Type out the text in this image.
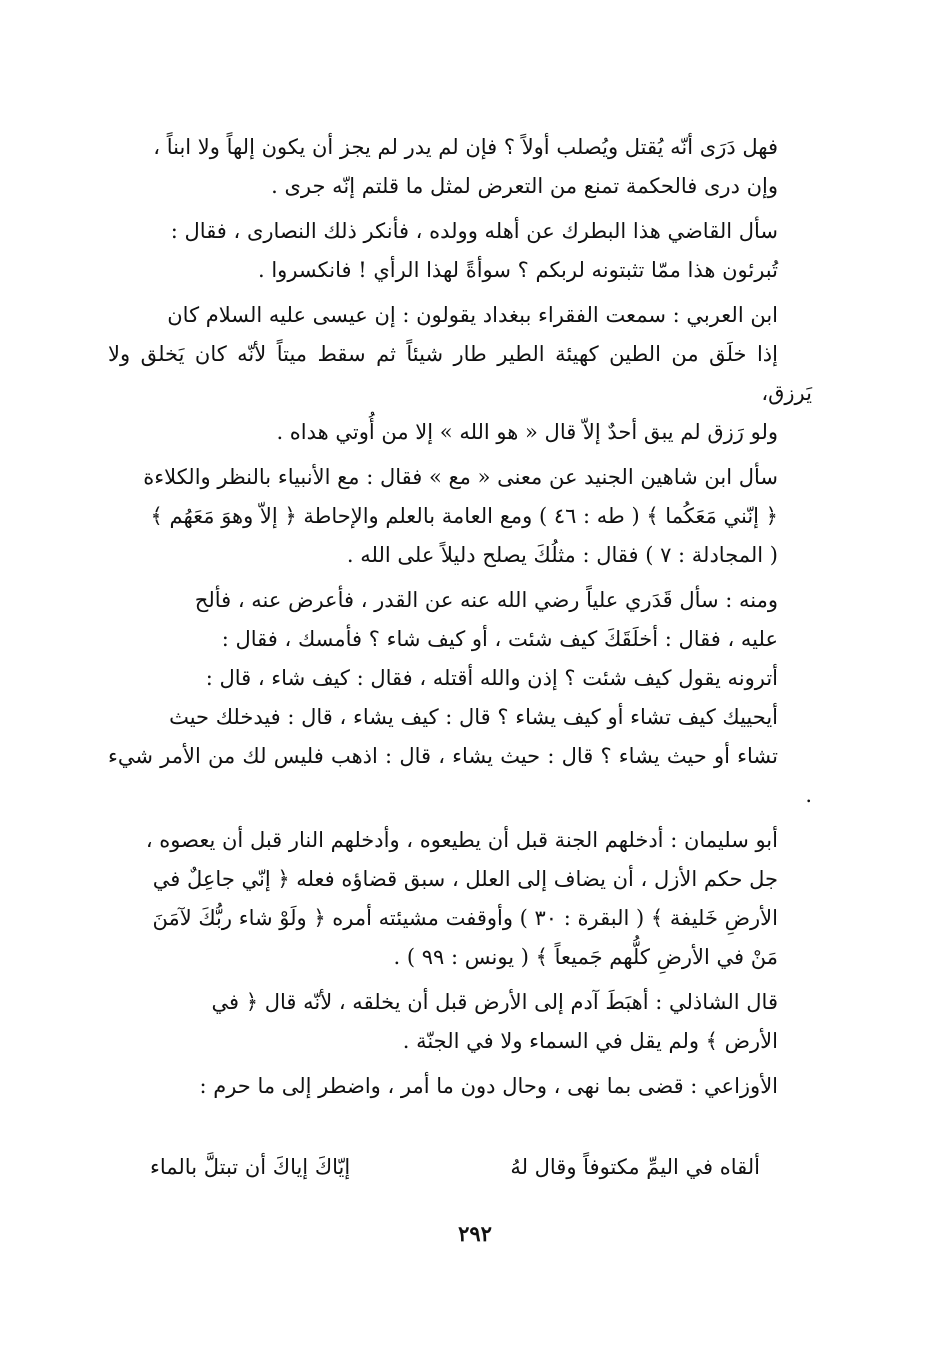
فهل دَرَى أنّه يُقتل ويُصلب أولاً ؟ فإن لم يدر لم يجز أن يكون إلهاً ولا ابناً ،
وإن درى فالحكمة تمنع من التعرض لمثل ما قلتم إنّه جرى .

سأل القاضي هذا البطرك عن أهله وولده ، فأنكر ذلك النصارى ، فقال :
تُبرئون هذا ممّا تثبتونه لربكم ؟ سوأةً لهذا الرأي ! فانكسروا .

ابن العربي : سمعت الفقراء ببغداد يقولون : إن عيسى عليه السلام كان
إذا خلَق من الطين كهيئة الطير طار شيئاً ثم سقط ميتاً لأنّه كان يَخلق ولا يَرزق،
ولو رَزق لم يبق أحدٌ إلاّ قال « هو الله » إلا من أُوتي هداه .

سأل ابن شاهين الجنيد عن معنى « مع » فقال : مع الأنبياء بالنظر والكلاءة
﴿ إنّني مَعَكُما ﴾ ( طه : ٤٦ ) ومع العامة بالعلم والإحاطة ﴿ إلاّ وهوَ مَعَهُم ﴾
( المجادلة : ٧ ) فقال : مثلُكَ يصلح دليلاً على الله .

ومنه : سأل قَدَري علياً رضي الله عنه عن القدر ، فأعرض عنه ، فألح
عليه ، فقال : أخلَقَكَ كيف شئت ، أو كيف شاء ؟ فأمسك ، فقال :
أترونه يقول كيف شئت ؟ إذن والله أقتله ، فقال : كيف شاء ، قال :
أيحييك كيف تشاء أو كيف يشاء ؟ قال : كيف يشاء ، قال : فيدخلك حيث
تشاء أو حيث يشاء ؟ قال : حيث يشاء ، قال : اذهب فليس لك من الأمر شيء .

أبو سليمان : أدخلهم الجنة قبل أن يطيعوه ، وأدخلهم النار قبل أن يعصوه ،
جل حكم الأزل ، أن يضاف إلى العلل ، سبق قضاؤه فعله ﴿ إنّي جاعِلٌ في
الأرضِ خَليفة ﴾ ( البقرة : ٣٠ ) وأوقفت مشيئته أمره ﴿ ولَوْ شاء ربُّكَ لآمَنَ
مَنْ في الأرضِ كلُّهم جَميعاً ﴾ ( يونس : ٩٩ ) .

قال الشاذلي : أهبَطَ آدم إلى الأرض قبل أن يخلقه ، لأنّه قال ﴿ في
الأرض ﴾ ولم يقل في السماء ولا في الجنّة .

الأوزاعي : قضى بما نهى ، وحال دون ما أمر ، واضطر إلى ما حرم :

ألقاه في اليمِّ مكتوفاً وقال لهُ
إيّاكَ إياكَ أن تبتلَّ بالماء
٢٩٢
